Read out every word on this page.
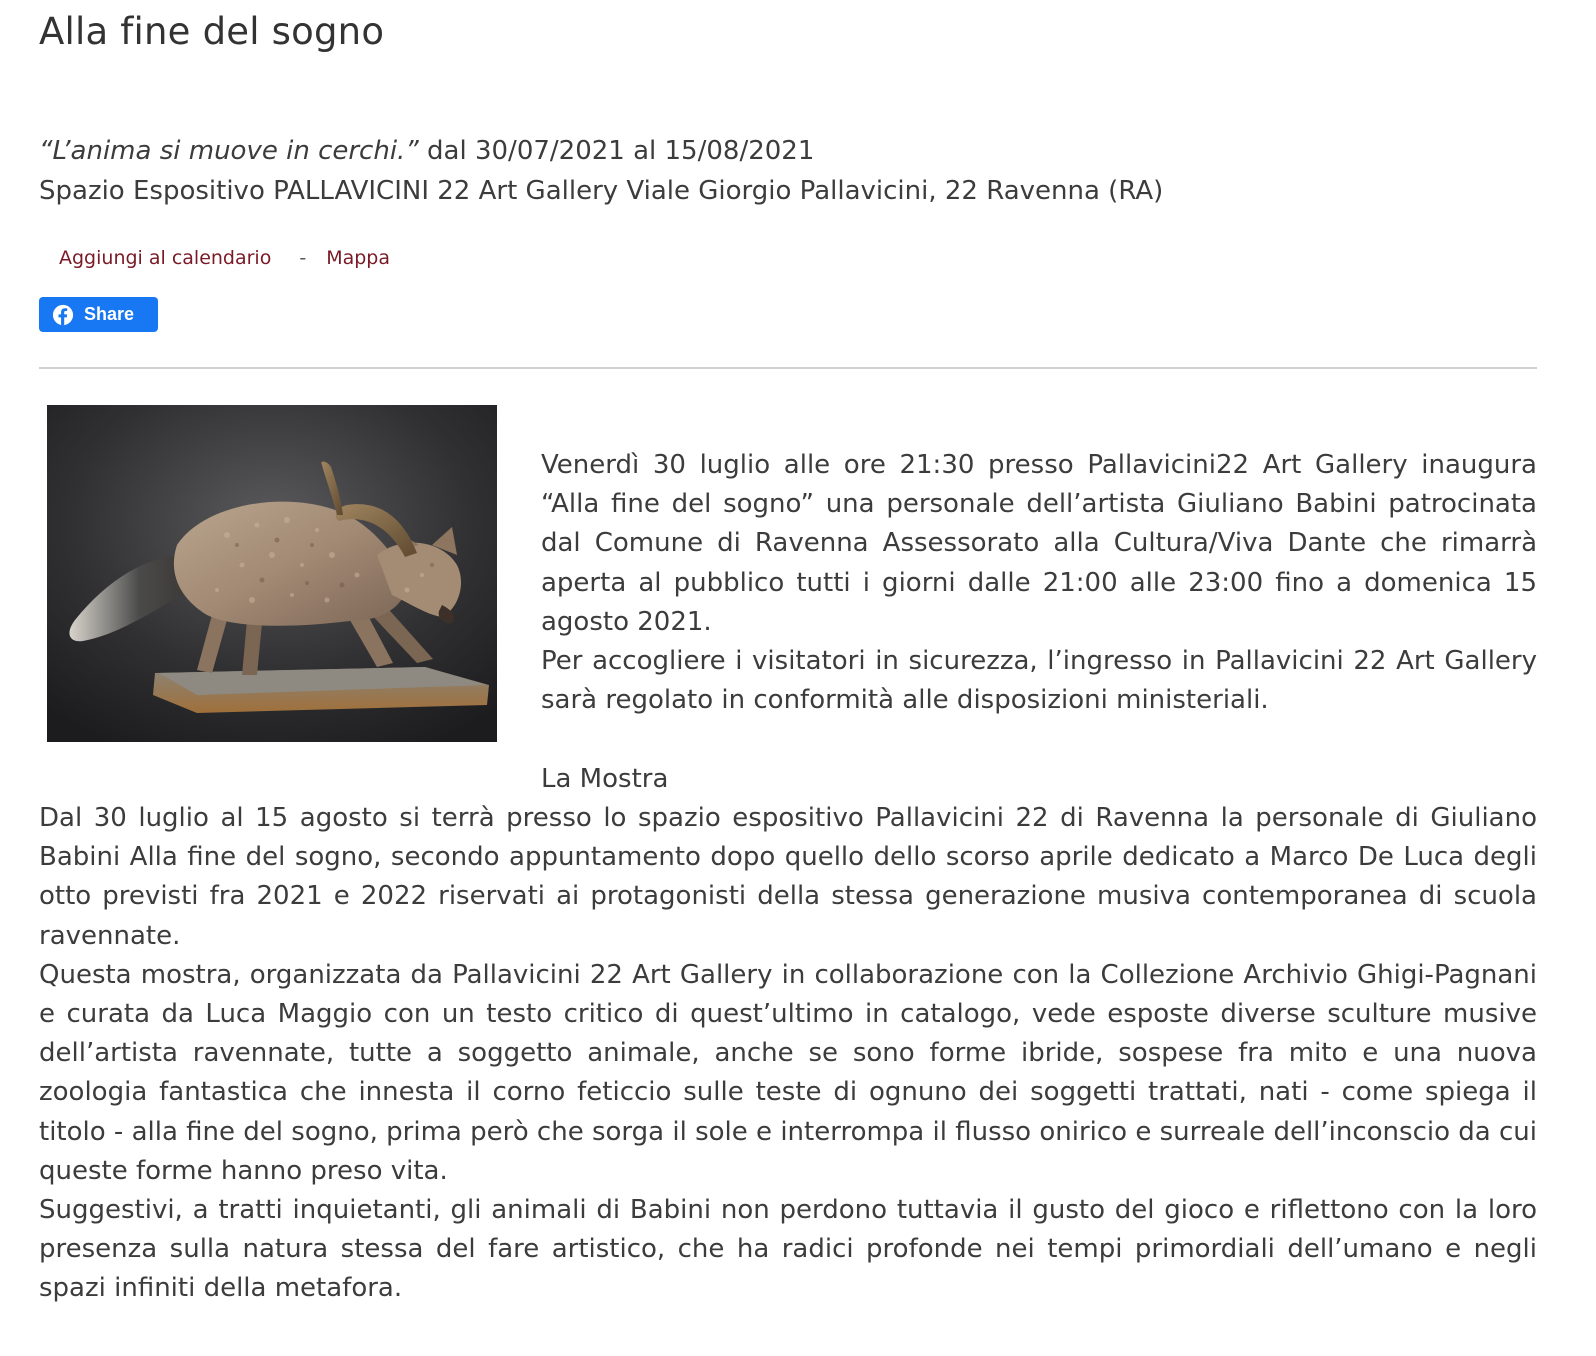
Alla fine del sogno
“L’anima si muove in cerchi.” dal 30/07/2021 al 15/08/2021
Spazio Espositivo PALLAVICINI 22 Art Gallery Viale Giorgio Pallavicini, 22 Ravenna (RA)
Aggiungi al calendario - Mappa
Share

Venerdì 30 luglio alle ore 21:30 presso Pallavicini22 Art Gallery inaugura “Alla fine del sogno” una personale dell’artista Giuliano Babini patrocinata dal Comune di Ravenna Assessorato alla Cultura/Viva Dante che rimarrà aperta al pubblico tutti i giorni dalle 21:00 alle 23:00 fino a domenica 15 agosto 2021.

Per accogliere i visitatori in sicurezza, l’ingresso in Pallavicini 22 Art Gallery sarà regolato in conformità alle disposizioni ministeriali.

La Mostra

Dal 30 luglio al 15 agosto si terrà presso lo spazio espositivo Pallavicini 22 di Ravenna la personale di Giuliano Babini Alla fine del sogno, secondo appuntamento dopo quello dello scorso aprile dedicato a Marco De Luca degli otto previsti fra 2021 e 2022 riservati ai protagonisti della stessa generazione musiva contemporanea di scuola ravennate.

Questa mostra, organizzata da Pallavicini 22 Art Gallery in collaborazione con la Collezione Archivio Ghigi-Pagnani e curata da Luca Maggio con un testo critico di quest’ultimo in catalogo, vede esposte diverse sculture musive dell’artista ravennate, tutte a soggetto animale, anche se sono forme ibride, sospese fra mito e una nuova zoologia fantastica che innesta il corno feticcio sulle teste di ognuno dei soggetti trattati, nati - come spiega il titolo - alla fine del sogno, prima però che sorga il sole e interrompa il flusso onirico e surreale dell’inconscio da cui queste forme hanno preso vita.

Suggestivi, a tratti inquietanti, gli animali di Babini non perdono tuttavia il gusto del gioco e riflettono con la loro presenza sulla natura stessa del fare artistico, che ha radici profonde nei tempi primordiali dell’umano e negli spazi infiniti della metafora.
